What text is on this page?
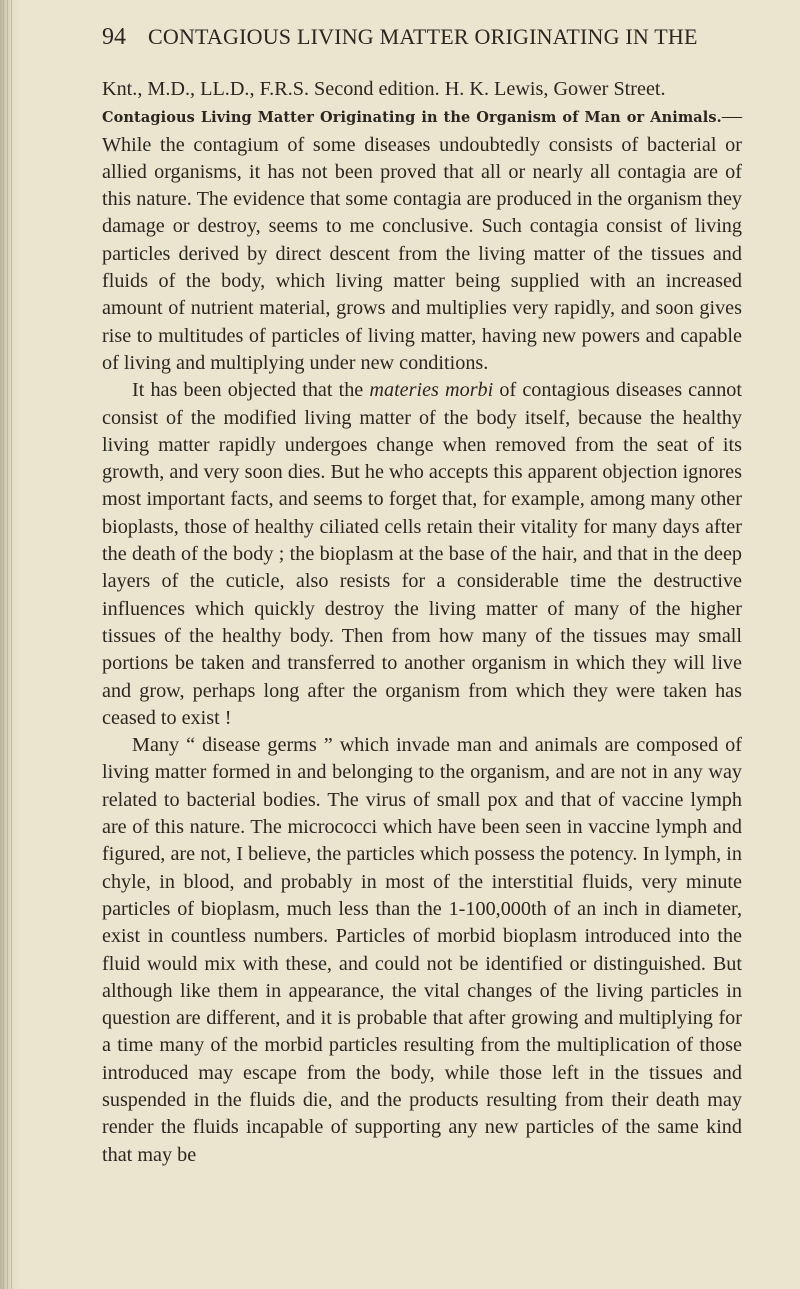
94 CONTAGIOUS LIVING MATTER ORIGINATING IN THE

Knt., M.D., LL.D., F.R.S. Second edition. H. K. Lewis, Gower Street.

Contagious Living Matter Originating in the Organism of Man or Animals.—While the contagium of some diseases undoubtedly consists of bacterial or allied organisms, it has not been proved that all or nearly all contagia are of this nature. The evidence that some contagia are produced in the organism they damage or destroy, seems to me conclusive. Such contagia consist of living particles derived by direct descent from the living matter of the tissues and fluids of the body, which living matter being supplied with an increased amount of nutrient material, grows and multiplies very rapidly, and soon gives rise to multitudes of particles of living matter, having new powers and capable of living and multiplying under new conditions.

It has been objected that the materies morbi of contagious diseases cannot consist of the modified living matter of the body itself, because the healthy living matter rapidly undergoes change when removed from the seat of its growth, and very soon dies. But he who accepts this apparent objection ignores most important facts, and seems to forget that, for example, among many other bioplasts, those of healthy ciliated cells retain their vitality for many days after the death of the body ; the bioplasm at the base of the hair, and that in the deep layers of the cuticle, also resists for a considerable time the destructive influences which quickly destroy the living matter of many of the higher tissues of the healthy body. Then from how many of the tissues may small portions be taken and transferred to another organism in which they will live and grow, perhaps long after the organism from which they were taken has ceased to exist !

Many “ disease germs ” which invade man and animals are composed of living matter formed in and belonging to the organism, and are not in any way related to bacterial bodies. The virus of small pox and that of vaccine lymph are of this nature. The micrococci which have been seen in vaccine lymph and figured, are not, I believe, the particles which possess the potency. In lymph, in chyle, in blood, and probably in most of the interstitial fluids, very minute particles of bioplasm, much less than the 1-100,000th of an inch in diameter, exist in countless numbers. Particles of morbid bioplasm introduced into the fluid would mix with these, and could not be identified or distinguished. But although like them in appearance, the vital changes of the living particles in question are different, and it is probable that after growing and multiplying for a time many of the morbid particles resulting from the multiplication of those introduced may escape from the body, while those left in the tissues and suspended in the fluids die, and the products resulting from their death may render the fluids incapable of supporting any new particles of the same kind that may be
